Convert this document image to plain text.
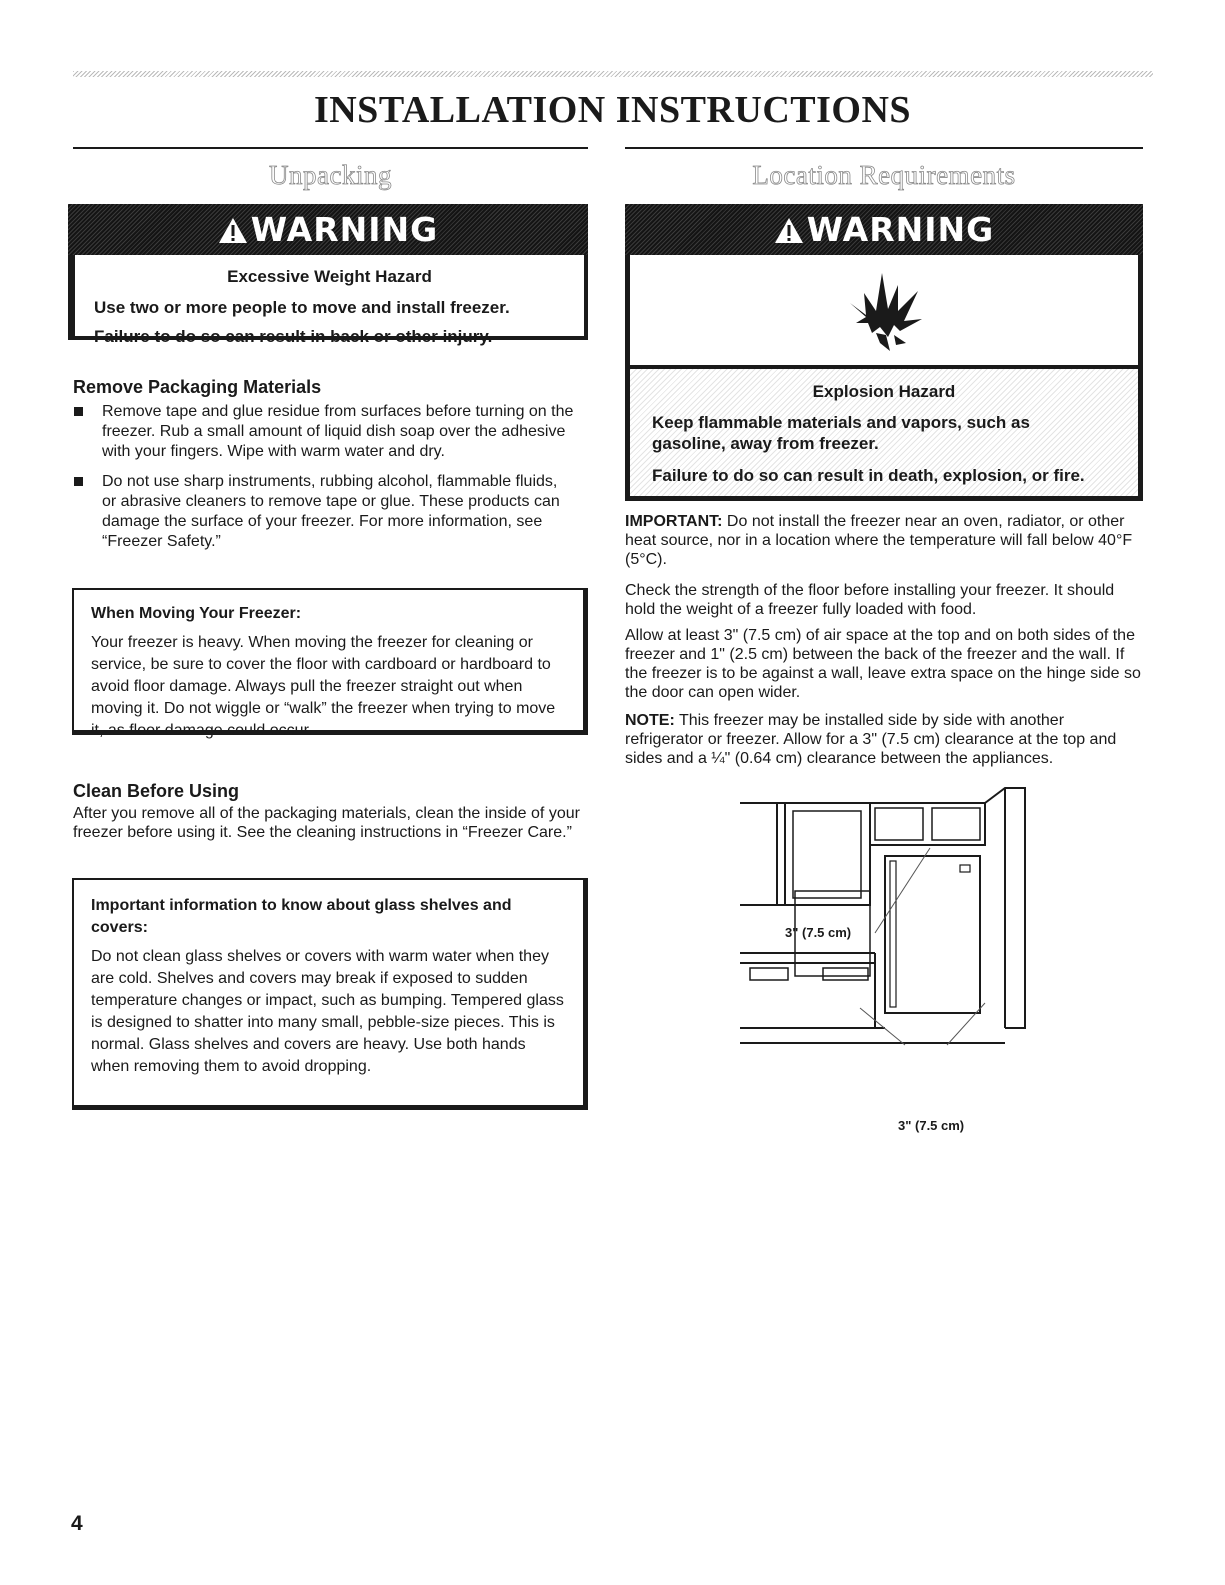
INSTALLATION INSTRUCTIONS
Unpacking
WARNING
Excessive Weight Hazard
Use two or more people to move and install freezer.
Failure to do so can result in back or other injury.
Remove Packaging Materials
Remove tape and glue residue from surfaces before turning on the freezer. Rub a small amount of liquid dish soap over the adhesive with your fingers. Wipe with warm water and dry.
Do not use sharp instruments, rubbing alcohol, flammable fluids, or abrasive cleaners to remove tape or glue. These products can damage the surface of your freezer. For more information, see “Freezer Safety.”
When Moving Your Freezer:
Your freezer is heavy. When moving the freezer for cleaning or service, be sure to cover the floor with cardboard or hardboard to avoid floor damage. Always pull the freezer straight out when moving it. Do not wiggle or “walk” the freezer when trying to move it, as floor damage could occur.
Clean Before Using

After you remove all of the packaging materials, clean the inside of your freezer before using it. See the cleaning instructions in “Freezer Care.”

Important information to know about glass shelves and covers:
Do not clean glass shelves or covers with warm water when they are cold. Shelves and covers may break if exposed to sudden temperature changes or impact, such as bumping. Tempered glass is designed to shatter into many small, pebble-size pieces. This is normal. Glass shelves and covers are heavy. Use both hands when removing them to avoid dropping.
Location Requirements
WARNING
Explosion Hazard
Keep flammable materials and vapors, such as gasoline, away from freezer.
Failure to do so can result in death, explosion, or fire.

IMPORTANT: Do not install the freezer near an oven, radiator, or other heat source, nor in a location where the temperature will fall below 40°F (5°C).

Check the strength of the floor before installing your freezer. It should hold the weight of a freezer fully loaded with food.

Allow at least 3" (7.5 cm) of air space at the top and on both sides of the freezer and 1" (2.5 cm) between the back of the freezer and the wall. If the freezer is to be against a wall, leave extra space on the hinge side so the door can open wider.

NOTE: This freezer may be installed side by side with another refrigerator or freezer. Allow for a 3" (7.5 cm) clearance at the top and sides and a ¼" (0.64 cm) clearance between the appliances.

3" (7.5 cm)

3" (7.5 cm)

4
